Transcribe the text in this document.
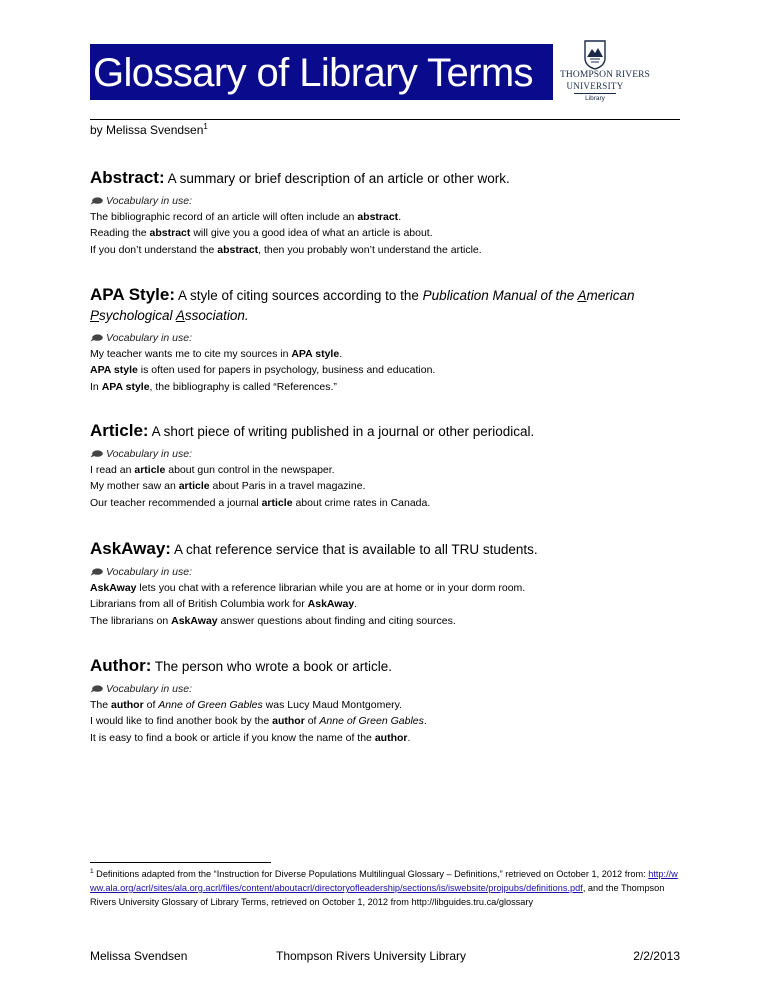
Glossary of Library Terms	THOMPSON RIVERS
UNIVERSITY
Library
by Melissa Svendsen$^1$
Abstract: A summary or brief description of an article or other work.
Vocabulary in use:
The bibliographic record of an article will often include an abstract.
Reading the abstract will give you a good idea of what an article is about.
If you don’t understand the abstract, then you probably won’t understand the article.
APA Style: A style of citing sources according to the Publication Manual of the American
Psychological Association.
Vocabulary in use:
My teacher wants me to cite my sources in APA style.
APA style is often used for papers in psychology, business and education.
In APA style, the bibliography is called “References.”
Article: A short piece of writing published in a journal or other periodical.
Vocabulary in use:
I read an article about gun control in the newspaper.
My mother saw an article about Paris in a travel magazine.
Our teacher recommended a journal article about crime rates in Canada.
AskAway: A chat reference service that is available to all TRU students.
Vocabulary in use:
AskAway lets you chat with a reference librarian while you are at home or in your dorm room.
Librarians from all of British Columbia work for AskAway.
The librarians on AskAway answer questions about finding and citing sources.
Author: The person who wrote a book or article.
Vocabulary in use:
The author of Anne of Green Gables was Lucy Maud Montgomery.
I would like to find another book by the author of Anne of Green Gables.
It is easy to find a book or article if you know the name of the author.
$^1$ Definitions adapted from the “Instruction for Diverse Populations Multilingual Glossary – Definitions,” retrieved on October 1, 2012 from: http://www.ala.org/acrl/sites/ala.org.acrl/files/content/aboutacrl/directoryofleadership/sections/is/iswebsite/projpubs/definitions.pdf, and the Thompson Rivers University Glossary of Library Terms, retrieved on October 1, 2012 from http://libguides.tru.ca/glossary
Melissa Svendsen	Thompson Rivers University Library	2/2/2013
